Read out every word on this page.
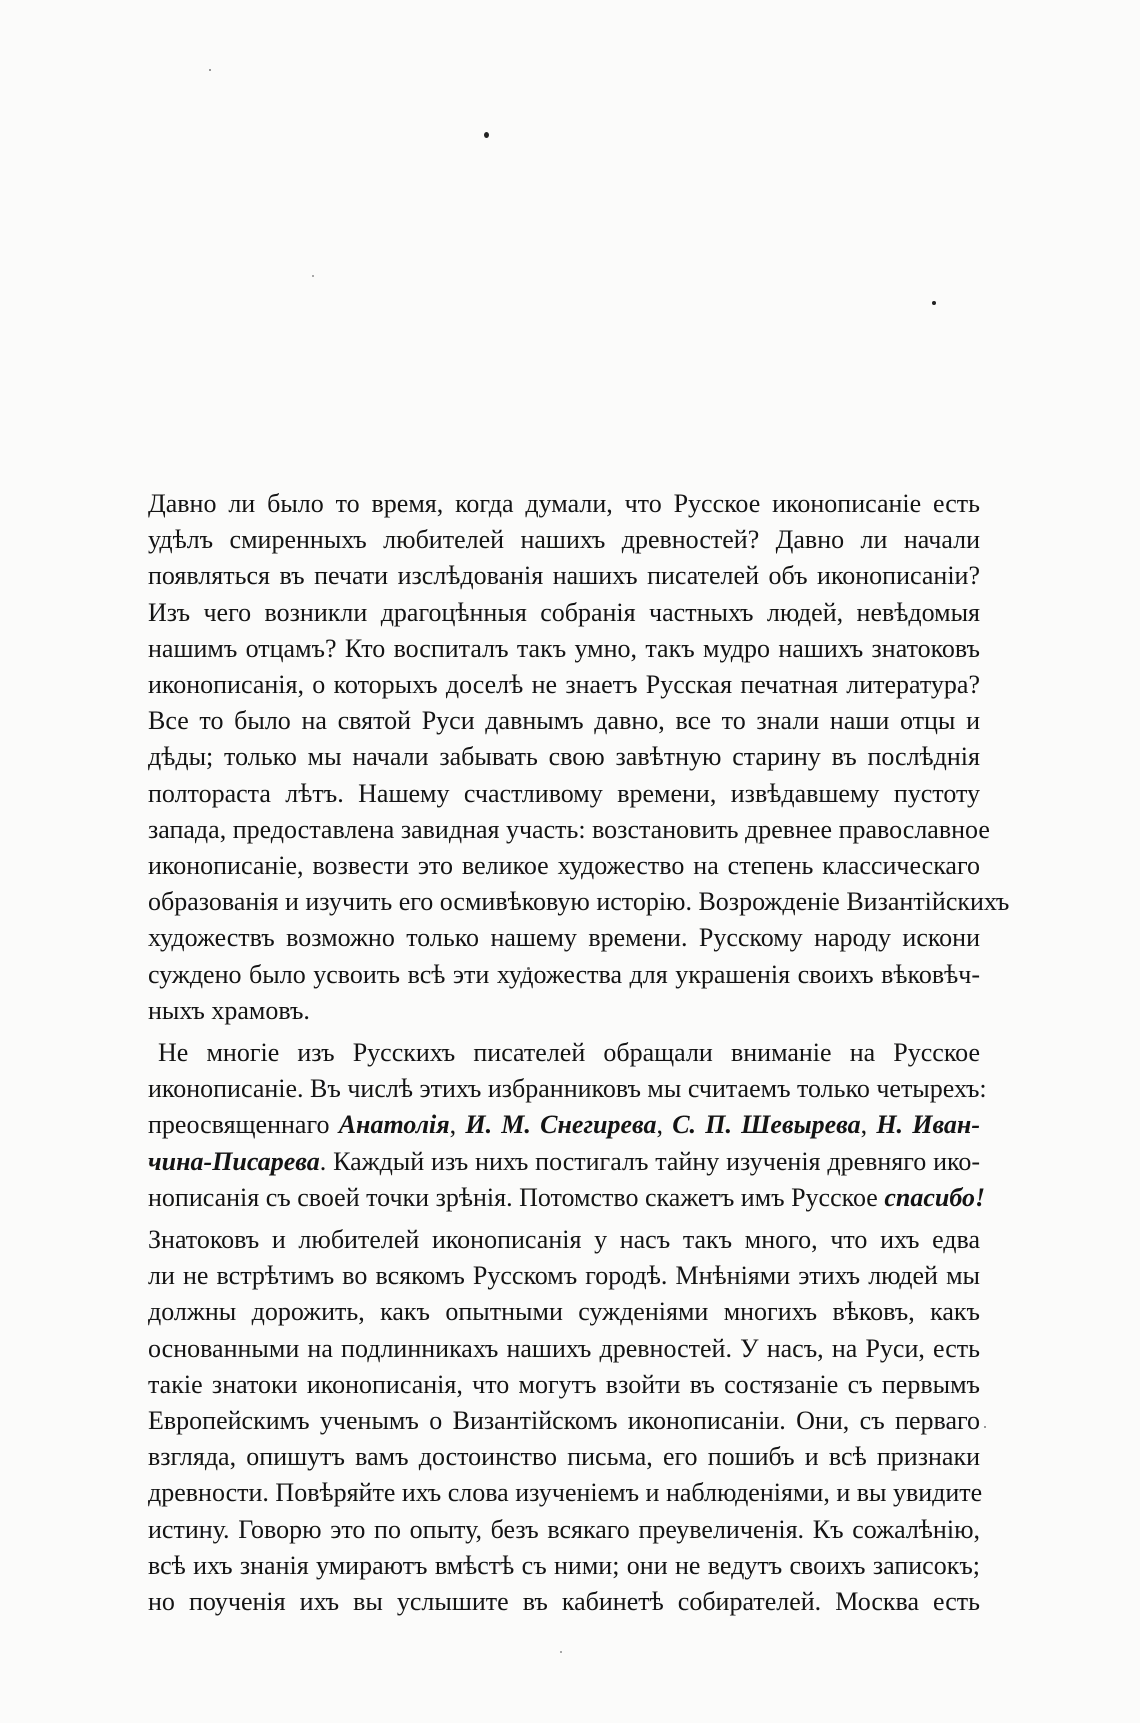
Давно ли было то время, когда думали, что Русское иконописаніе есть
удѣлъ смиренныхъ любителей нашихъ древностей? Давно ли начали
появляться въ печати изслѣдованія нашихъ писателей объ иконописаніи?
Изъ чего возникли драгоцѣнныя собранія частныхъ людей, невѣдомыя
нашимъ отцамъ? Кто воспиталъ такъ умно, такъ мудро нашихъ знатоковъ
иконописанія, о которыхъ доселѣ не знаетъ Русская печатная литература?
Все то было на святой Руси давнымъ давно, все то знали наши отцы и
дѣды; только мы начали забывать свою завѣтную старину въ послѣднія
полтораста лѣтъ. Нашему счастливому времени, извѣдавшему пустоту
запада, предоставлена завидная участь: возстановить древнее православное
иконописаніе, возвести это великое художество на степень классическаго
образованія и изучить его осмивѣковую исторію. Возрожденіе Византійскихъ
художествъ возможно только нашему времени. Русскому народу искони
суждено было усвоить всѣ эти художества для украшенія своихъ вѣковѣч-
ныхъ храмовъ.

Не многіе изъ Русскихъ писателей обращали вниманіе на Русское
иконописаніе. Въ числѣ этихъ избранниковъ мы считаемъ только четырехъ:
преосвященнаго Анатолія, И. М. Снегирева, С. П. Шевырева, Н. Иван-
чина-Писарева. Каждый изъ нихъ постигалъ тайну изученія древняго ико-
нописанія съ своей точки зрѣнія. Потомство скажетъ имъ Русское спасибо!

Знатоковъ и любителей иконописанія у насъ такъ много, что ихъ едва
ли не встрѣтимъ во всякомъ Русскомъ городѣ. Мнѣніями этихъ людей мы
должны дорожить, какъ опытными сужденіями многихъ вѣковъ, какъ
основанными на подлинникахъ нашихъ древностей. У насъ, на Руси, есть
такіе знатоки иконописанія, что могутъ взойти въ состязаніе съ первымъ
Европейскимъ ученымъ о Византійскомъ иконописаніи. Они, съ перваго
взгляда, опишутъ вамъ достоинство письма, его пошибъ и всѣ признаки
древности. Повѣряйте ихъ слова изученіемъ и наблюденіями, и вы увидите
истину. Говорю это по опыту, безъ всякаго преувеличенія. Къ сожалѣнію,
всѣ ихъ знанія умираютъ вмѣстѣ съ ними; они не ведутъ своихъ записокъ;
но поученія ихъ вы услышите въ кабинетѣ собирателей. Москва есть
